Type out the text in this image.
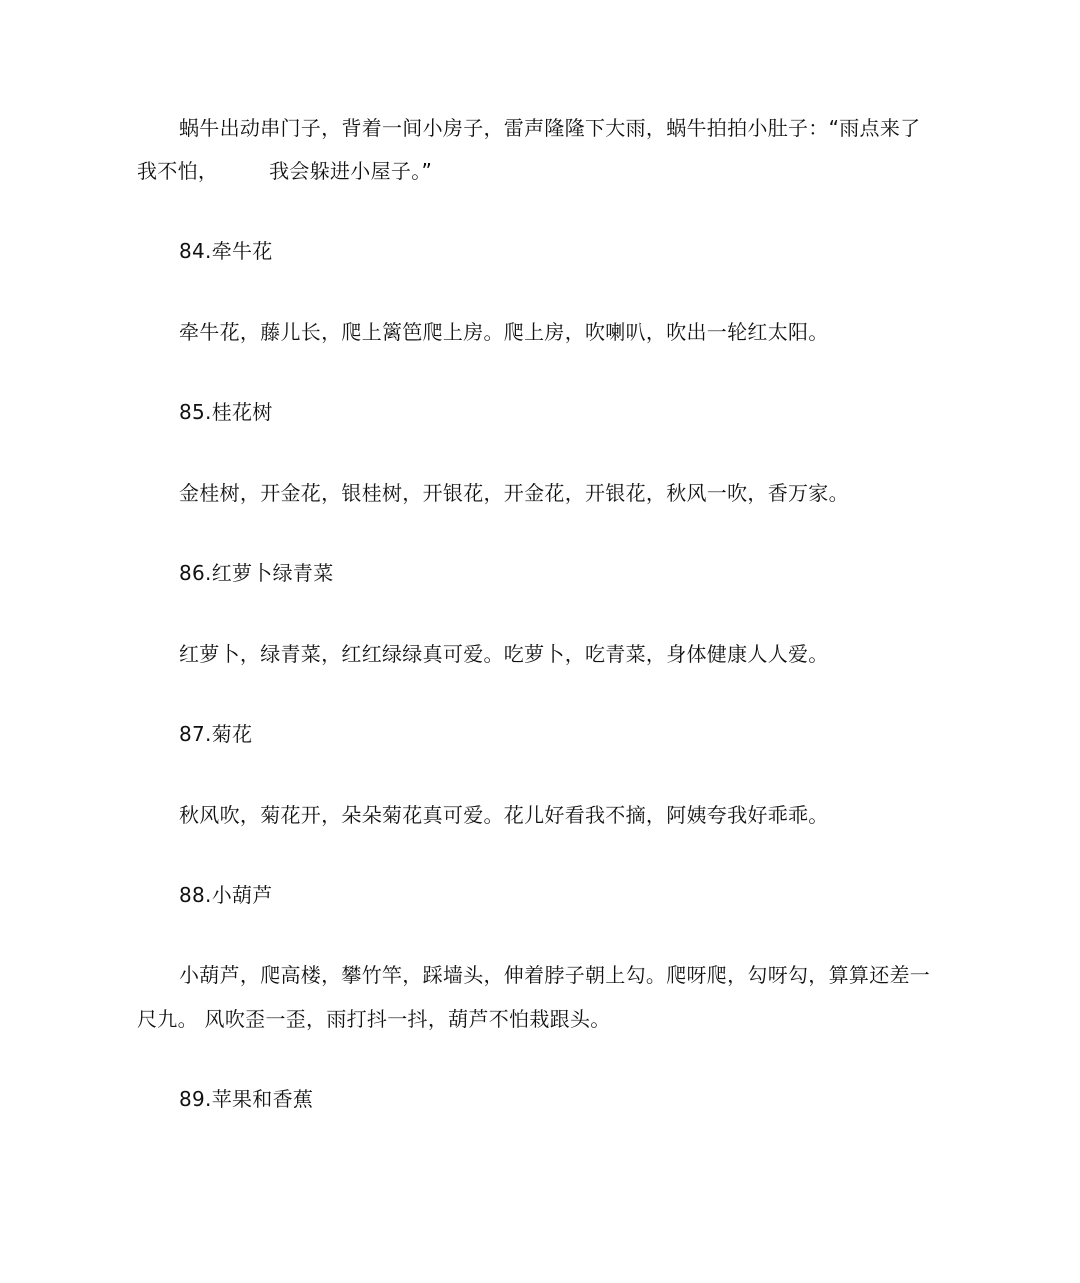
蜗牛出动串门子，背着一间小房子，雷声隆隆下大雨，蜗牛拍拍小肚子：“雨点来了
我不怕，　　　我会躲进小屋子。”
84.牵牛花
牵牛花，藤儿长，爬上篱笆爬上房。爬上房，吹喇叭，吹出一轮红太阳。
85.桂花树
金桂树，开金花，银桂树，开银花，开金花，开银花，秋风一吹，香万家。
86.红萝卜绿青菜
红萝卜，绿青菜，红红绿绿真可爱。吃萝卜，吃青菜，身体健康人人爱。
87.菊花
秋风吹，菊花开，朵朵菊花真可爱。花儿好看我不摘，阿姨夸我好乖乖。
88.小葫芦
小葫芦，爬高楼，攀竹竿，踩墙头，伸着脖子朝上勾。爬呀爬，勾呀勾，算算还差一
尺九。 风吹歪一歪，雨打抖一抖，葫芦不怕栽跟头。
89.苹果和香蕉
